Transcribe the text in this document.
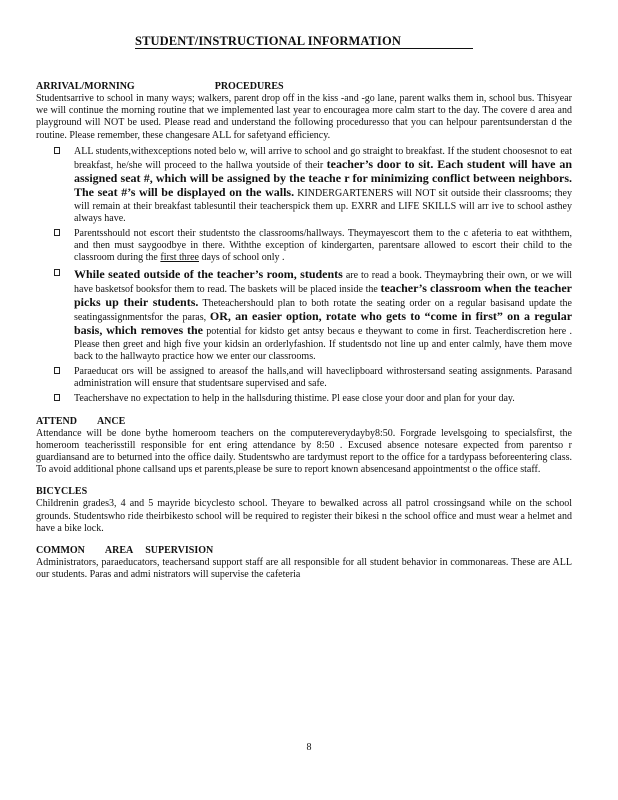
STUDENT/INSTRUCTIONAL INFORMATION
ARRIVAL/MORNING	PROCEDURES

Studentsarrive to school in many ways; walkers, parent drop off in the kiss -and -go lane, parent walks them in, school bus. Thisyear we will continue the morning routine that we implemented last year to encouragea more calm start to the day. The covere d area and playground will NOT be used. Please read and understand the following proceduresso that you can helpour parentsunderstan d the routine. Please remember, these changesare ALL for safetyand efficiency.

ALL students,withexceptions noted belo w, will arrive to school and go straight to breakfast. If the student choosesnot to eat breakfast, he/she will proceed to the hallwa youtside of their teacher’s door to sit. Each student will have an assigned seat #, which will be assigned by the teache r for minimizing conflict between neighbors. The seat #’s will be displayed on the walls. KINDERGARTENERS will NOT sit outside their classrooms; they will remain at their breakfast tablesuntil their teacherspick them up. EXRR and LIFE SKILLS will arr ive to school asthey always have.
Parentsshould not escort their studentsto the classrooms/hallways. Theymayescort them to the c afeteria to eat withthem, and then must saygoodbye in there. Withthe exception of kindergarten, parentsare allowed to escort their child to the classroom during the first three days of school only .
While seated outside of the teacher’s room, students are to read a book. Theymaybring their own, or we will have basketsof booksfor them to read. The baskets will be placed inside the teacher’s classroom when the teacher picks up their students. Theteachershould plan to both rotate the seating order on a regular basisand update the seatingassignmentsfor the paras, OR, an easier option, rotate who gets to “come in first” on a regular basis, which removes the potential for kidsto get antsy becaus e theywant to come in first. Teacherdiscretion here . Please then greet and high five your kidsin an orderlyfashion. If studentsdo not line up and enter calmly, have them move back to the hallwayto practice how we enter our classrooms.
Paraeducat ors will be assigned to areasof the halls,and will haveclipboard withrostersand seating assignments. Parasand administration will ensure that studentsare supervised and safe.
Teachershave no expectation to help in the hallsduring thistime. Pl ease close your door and plan for your day.
ATTEND ANCE

Attendance will be done bythe homeroom teachers on the computereverydayby8:50. Forgrade levelsgoing to specialsfirst, the homeroom teacherisstill responsible for ent ering attendance by 8:50 . Excused absence notesare expected from parentso r guardiansand are to beturned into the office daily. Studentswho are tardymust report to the office for a tardypass beforeentering class. To avoid additional phone callsand ups et parents,please be sure to report known absencesand appointmentst o the office staff.

BICYCLES

Childrenin grades3, 4 and 5 mayride bicyclesto school. Theyare to bewalked across all patrol crossingsand while on the school grounds. Studentswho ride theirbikesto school will be required to register their bikesi n the school office and must wear a helmet and have a bike lock.

COMMON AREA SUPERVISION

Administrators, paraeducators, teachersand support staff are all responsible for all student behavior in commonareas. These are ALL our students. Paras and admi nistrators will supervise the cafeteria

8
